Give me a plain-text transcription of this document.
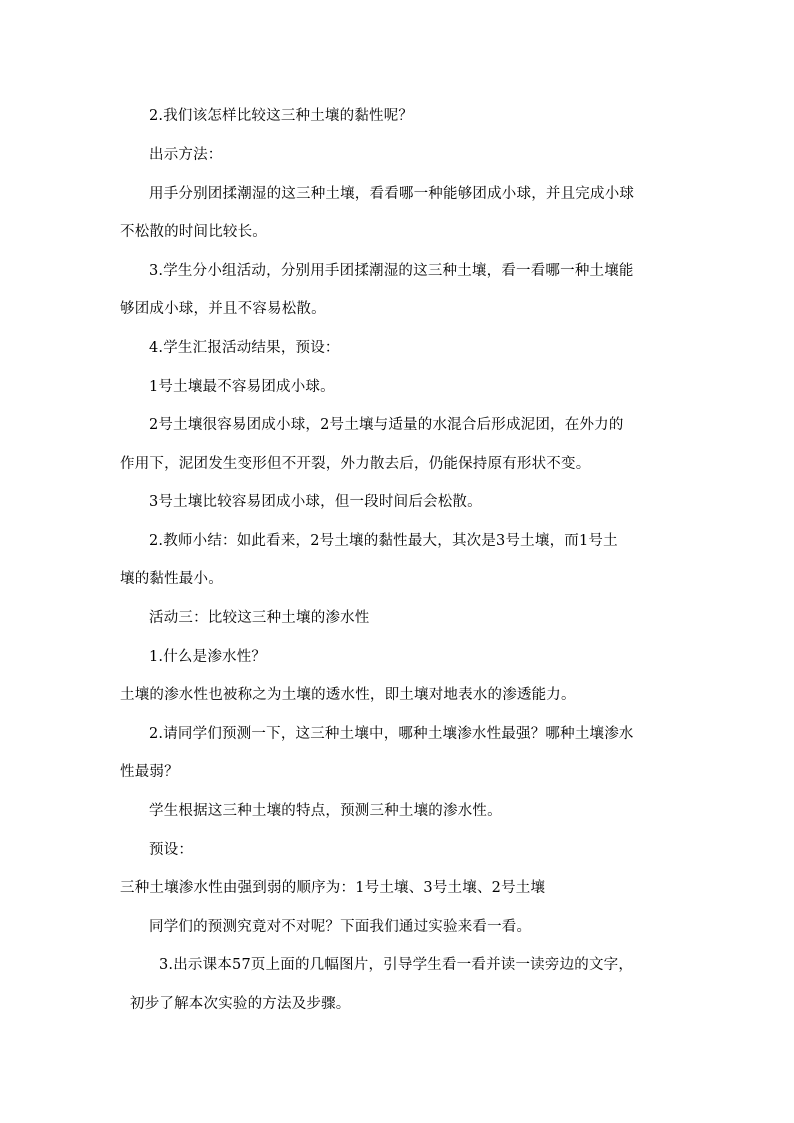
2.我们该怎样比较这三种土壤的黏性呢？
出示方法：
用手分别团揉潮湿的这三种土壤，看看哪一种能够团成小球，并且完成小球
不松散的时间比较长。
3.学生分小组活动，分别用手团揉潮湿的这三种土壤，看一看哪一种土壤能
够团成小球，并且不容易松散。
4.学生汇报活动结果，预设：
1号土壤最不容易团成小球。
2号土壤很容易团成小球，2号土壤与适量的水混合后形成泥团，在外力的
作用下，泥团发生变形但不开裂，外力散去后，仍能保持原有形状不变。
3号土壤比较容易团成小球，但一段时间后会松散。
2.教师小结：如此看来，2号土壤的黏性最大，其次是3号土壤，而1号土
壤的黏性最小。
活动三：比较这三种土壤的渗水性
1.什么是渗水性？
土壤的渗水性也被称之为土壤的透水性，即土壤对地表水的渗透能力。
2.请同学们预测一下，这三种土壤中，哪种土壤渗水性最强？哪种土壤渗水
性最弱？
学生根据这三种土壤的特点，预测三种土壤的渗水性。
预设：
三种土壤渗水性由强到弱的顺序为：1号土壤、3号土壤、2号土壤
同学们的预测究竟对不对呢？下面我们通过实验来看一看。
3.出示课本57页上面的几幅图片，引导学生看一看并读一读旁边的文字，
初步了解本次实验的方法及步骤。
